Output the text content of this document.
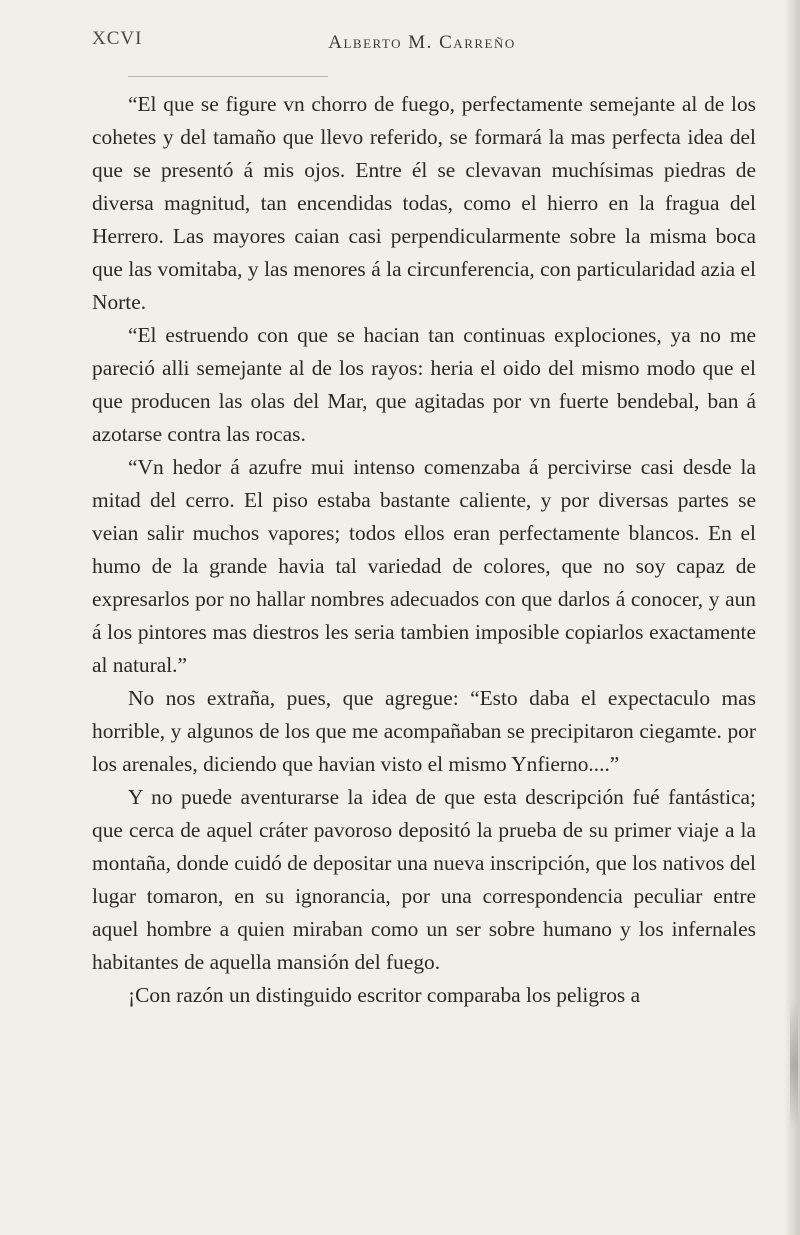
XCVI	Alberto M. Carreño

“El que se figure vn chorro de fuego, perfectamente semejante al de los cohetes y del tamaño que llevo referido, se formará la mas perfecta idea del que se presentó á mis ojos. Entre él se clevavan muchísimas piedras de diversa magnitud, tan encendidas todas, como el hierro en la fragua del Herrero. Las mayores caian casi perpendicularmente sobre la misma boca que las vomitaba, y las menores á la circunferencia, con particularidad azia el Norte.

“El estruendo con que se hacian tan continuas explociones, ya no me pareció alli semejante al de los rayos: heria el oido del mismo modo que el que producen las olas del Mar, que agitadas por vn fuerte bendebal, ban á azotarse contra las rocas.

“Vn hedor á azufre mui intenso comenzaba á percivirse casi desde la mitad del cerro. El piso estaba bastante caliente, y por diversas partes se veian salir muchos vapores; todos ellos eran perfectamente blancos. En el humo de la grande havia tal variedad de colores, que no soy capaz de expresarlos por no hallar nombres adecuados con que darlos á conocer, y aun á los pintores mas diestros les seria tambien imposible copiarlos exactamente al natural.”

No nos extraña, pues, que agregue: “Esto daba el expectaculo mas horrible, y algunos de los que me acompañaban se precipitaron ciegamte. por los arenales, diciendo que havian visto el mismo Ynfierno....”

Y no puede aventurarse la idea de que esta descripción fué fantástica; que cerca de aquel cráter pavoroso depositó la prueba de su primer viaje a la montaña, donde cuidó de depositar una nueva inscripción, que los nativos del lugar tomaron, en su ignorancia, por una correspondencia peculiar entre aquel hombre a quien miraban como un ser sobre humano y los infernales habitantes de aquella mansión del fuego.

¡Con razón un distinguido escritor comparaba los peligros a
